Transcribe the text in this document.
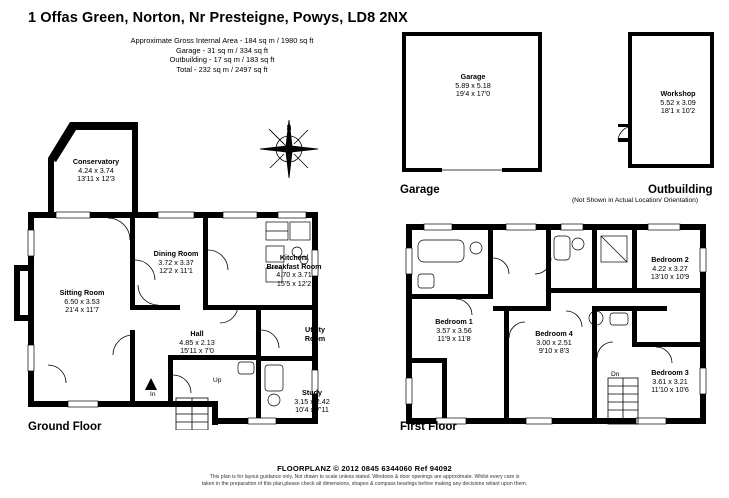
1 Offas Green, Norton, Nr Presteigne, Powys, LD8 2NX
Approximate Gross Internal Area - 184 sq m / 1980 sq ft
Garage - 31 sq m / 334 sq ft
Outbuilding - 17 sq m / 183 sq ft
Total - 232 sq m / 2497 sq ft
Garage
5.89 x 5.18
19'4 x 17'0
Garage
Workshop
5.52 x 3.09
18'1 x 10'2
Outbuilding
(Not Shown in Actual Location/ Orientation)
N
Conservatory
4.24 x 3.74
13'11 x 12'3
Sitting Room
6.50 x 3.53
21'4 x 11'7
Dining Room
3.72 x 3.37
12'2 x 11'1
Kitchen/
Breakfast Room
4.70 x 3.71
15'5 x 12'2
Hall
4.85 x 2.13
15'11 x 7'0
Utility
Room
Study
3.15 x 2.42
10'4 x 7'11
Up
In
Ground Floor
Bedroom 1
3.57 x 3.56
11'9 x 11'8
Bedroom 2
4.22 x 3.27
13'10 x 10'9
Bedroom 3
3.61 x 3.21
11'10 x 10'6
Bedroom 4
3.00 x 2.51
9'10 x 8'3
Dn
First Floor
FLOORPLANZ © 2012 0845 6344060 Ref 94092
This plan is for layout guidance only. Not drawn to scale unless stated. Windows & door openings are approximate. Whilst every care is
taken in the preparation of this plan,please check all dimensions, shapes & compass bearings before making any decisions reliant upon them.
